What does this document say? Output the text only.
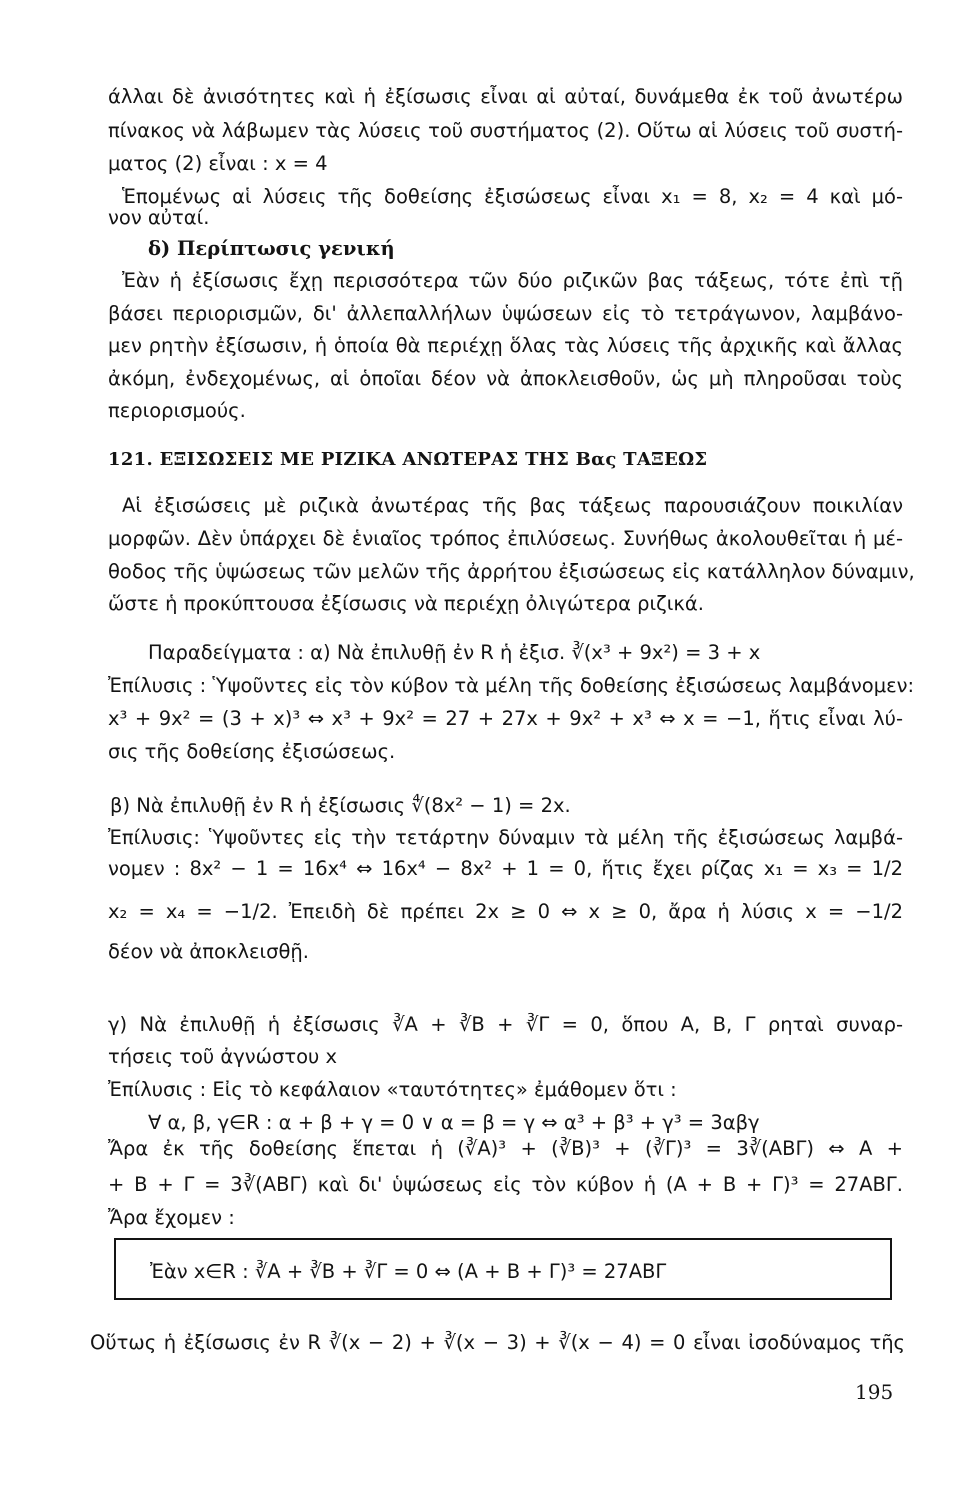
άλλαι δὲ ἀνισότητες καὶ ἡ ἐξίσωσις εἶναι αἱ αὐταί, δυνάμεθα ἐκ τοῦ ἀνωτέρω
πίνακος νὰ λάβωμεν τὰς λύσεις τοῦ συστήματος (2). Οὕτω αἱ λύσεις τοῦ συστή-
ματος (2) εἶναι : x = 4
Ἑπομένως αἱ λύσεις τῆς δοθείσης ἐξισώσεως εἶναι x₁ = 8, x₂ = 4 καὶ μό-
νον αὐταί.
δ) Περίπτωσις γενική
Ἐὰν ἡ ἐξίσωσις ἔχῃ περισσότερα τῶν δύο ριζικῶν βας τάξεως, τότε ἐπὶ τῇ
βάσει περιορισμῶν, δι' ἀλλεπαλλήλων ὑψώσεων εἰς τὸ τετράγωνον, λαμβάνο-
μεν ρητὴν ἐξίσωσιν, ἡ ὁποία θὰ περιέχῃ ὅλας τὰς λύσεις τῆς ἀρχικῆς καὶ ἄλλας
ἀκόμη, ἐνδεχομένως, αἱ ὁποῖαι δέον νὰ ἀποκλεισθοῦν, ὡς μὴ πληροῦσαι τοὺς
περιορισμούς.
121. ΕΞΙΣΩΣΕΙΣ ΜΕ ΡΙΖΙΚΑ ΑΝΩΤΕΡΑΣ ΤΗΣ Βας ΤΑΞΕΩΣ
Αἱ ἐξισώσεις μὲ ριζικὰ ἀνωτέρας τῆς βας τάξεως παρουσιάζουν ποικιλίαν
μορφῶν. Δὲν ὑπάρχει δὲ ἑνιαῖος τρόπος ἐπιλύσεως. Συνήθως ἀκολουθεῖται ἡ μέ-
θοδος τῆς ὑψώσεως τῶν μελῶν τῆς ἀρρήτου ἐξισώσεως εἰς κατάλληλον δύναμιν,
ὥστε ἡ προκύπτουσα ἐξίσωσις νὰ περιέχῃ ὀλιγώτερα ριζικά.
Παραδείγματα : α) Νὰ ἐπιλυθῇ ἐν R ἡ ἐξισ. ∛(x³ + 9x²) = 3 + x
Ἐπίλυσις : Ὑψοῦντες εἰς τὸν κύβον τὰ μέλη τῆς δοθείσης ἐξισώσεως λαμβάνομεν:
x³ + 9x² = (3 + x)³ ⇔ x³ + 9x² = 27 + 27x + 9x² + x³ ⇔ x = −1, ἥτις εἶναι λύ-
σις τῆς δοθείσης ἐξισώσεως.
β) Νὰ ἐπιλυθῇ ἐν R ἡ ἐξίσωσις ∜(8x² − 1) = 2x.
Ἐπίλυσις: Ὑψοῦντες εἰς τὴν τετάρτην δύναμιν τὰ μέλη τῆς ἐξισώσεως λαμβά-
νομεν : 8x² − 1 = 16x⁴ ⇔ 16x⁴ − 8x² + 1 = 0, ἥτις ἔχει ρίζας x₁ = x₃ = 1/2
x₂ = x₄ = −1/2. Ἐπειδὴ δὲ πρέπει 2x ≥ 0 ⇔ x ≥ 0, ἄρα ἡ λύσις x = −1/2
δέον νὰ ἀποκλεισθῇ.
γ) Νὰ ἐπιλυθῇ ἡ ἐξίσωσις ∛Α + ∛Β + ∛Γ = 0, ὅπου Α, Β, Γ ρηταὶ συναρ-
τήσεις τοῦ ἀγνώστου x
Ἐπίλυσις : Εἰς τὸ κεφάλαιον «ταυτότητες» ἐμάθομεν ὅτι :
∀ α, β, γ∈R : α + β + γ = 0 ∨ α = β = γ ⇔ α³ + β³ + γ³ = 3αβγ
Ἄρα ἐκ τῆς δοθείσης ἕπεται ἡ (∛Α)³ + (∛Β)³ + (∛Γ)³ = 3∛(ΑΒΓ) ⇔ Α +
+ Β + Γ = 3∛(ΑΒΓ) καὶ δι' ὑψώσεως εἰς τὸν κύβον ἡ (Α + Β + Γ)³ = 27ΑΒΓ.
Ἄρα ἔχομεν :
Ἐὰν x∈R : ∛Α + ∛Β + ∛Γ = 0 ⇔ (Α + Β + Γ)³ = 27ΑΒΓ
Οὕτως ἡ ἐξίσωσις ἐν R ∛(x − 2) + ∛(x − 3) + ∛(x − 4) = 0 εἶναι ἰσοδύναμος τῆς
195
